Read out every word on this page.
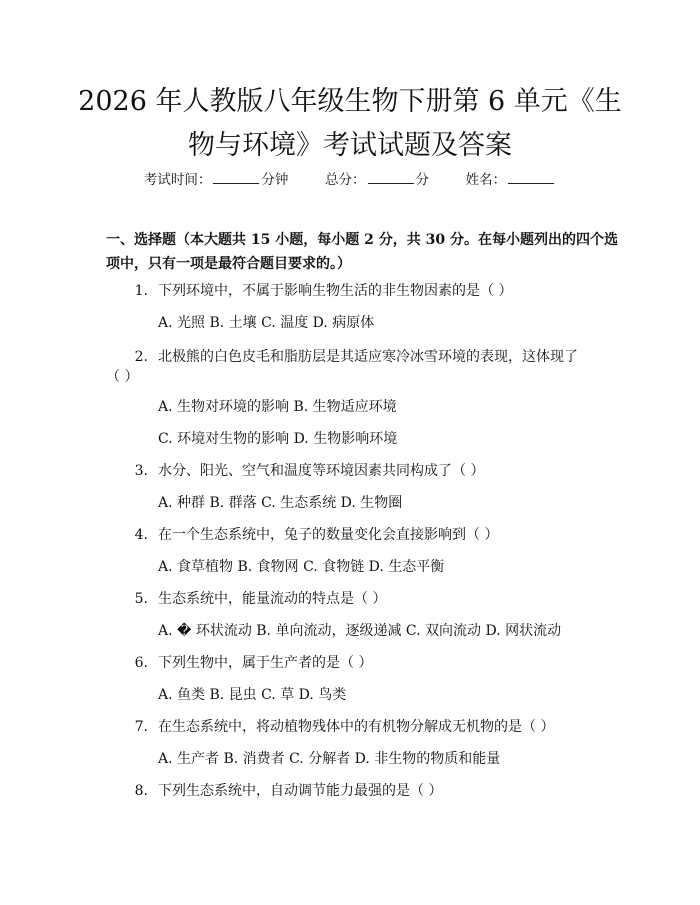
2026 年人教版八年级生物下册第 6 单元《生
物与环境》考试试题及答案
考试时间：	分钟	总分：	分	姓名：

一、选择题（本大题共 15 小题，每小题 2 分，共 30 分。在每小题列出的四个选项中，只有一项是最符合题目要求的。）

1. 下列环境中，不属于影响生物生活的非生物因素的是（ ）
A. 光照 B. 土壤 C. 温度 D. 病原体
2. 北极熊的白色皮毛和脂肪层是其适应寒冷冰雪环境的表现，这体现了
（ ）
A. 生物对环境的影响 B. 生物适应环境
C. 环境对生物的影响 D. 生物影响环境
3. 水分、阳光、空气和温度等环境因素共同构成了（ ）
A. 种群 B. 群落 C. 生态系统 D. 生物圈
4. 在一个生态系统中，兔子的数量变化会直接影响到（ ）
A. 食草植物 B. 食物网 C. 食物链 D. 生态平衡
5. 生态系统中，能量流动的特点是（ ）
A. � 环状流动 B. 单向流动，逐级递减 C. 双向流动 D. 网状流动
6. 下列生物中，属于生产者的是（ ）
A. 鱼类 B. 昆虫 C. 草 D. 鸟类
7. 在生态系统中，将动植物残体中的有机物分解成无机物的是（ ）
A. 生产者 B. 消费者 C. 分解者 D. 非生物的物质和能量
8. 下列生态系统中，自动调节能力最强的是（ ）
